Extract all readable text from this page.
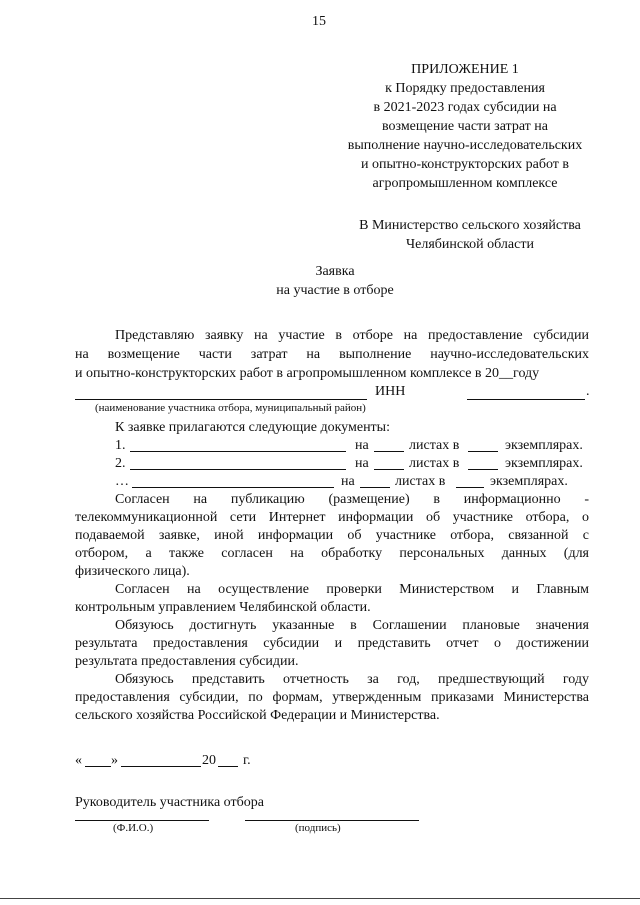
15
ПРИЛОЖЕНИЕ 1
к Порядку предоставления
в 2021-2023 годах субсидии на
возмещение части затрат на
выполнение научно-исследовательских
и опытно-конструкторских работ в
агропромышленном комплексе
В Министерство сельского хозяйства
Челябинской области
Заявка
на участие в отборе
Представляю заявку на участие в отборе на предоставление субсидии
на возмещение части затрат на выполнение научно-исследовательских
и опытно-конструкторских работ в агропромышленном комплексе в 20__году
ИНН	.
(наименование участника отбора, муниципальный район)
К заявке прилагаются следующие документы:
1.	на	листах в	экземпляраx.
2.	на	листах в	экземпляраx.
…	на	листах в	экземплярах.
Согласен на публикацию (размещение) в информационно -
телекоммуникационной сети Интернет информации об участнике отбора, о
подаваемой заявке, иной информации об участнике отбора, связанной с
отбором, а также согласен на обработку персональных данных (для
физического лица).
Согласен на осуществление проверки Министерством и Главным
контрольным управлением Челябинской области.
Обязуюсь достигнуть указанные в Соглашении плановые значения
результата предоставления субсидии и представить отчет о достижении
результата предоставления субсидии.
Обязуюсь представить отчетность за год, предшествующий году
предоставления субсидии, по формам, утвержденным приказами Министерства
сельского хозяйства Российской Федерации и Министерства.
« »	20 г.
Руководитель участника отбора
(Ф.И.О.)	(подпись)
